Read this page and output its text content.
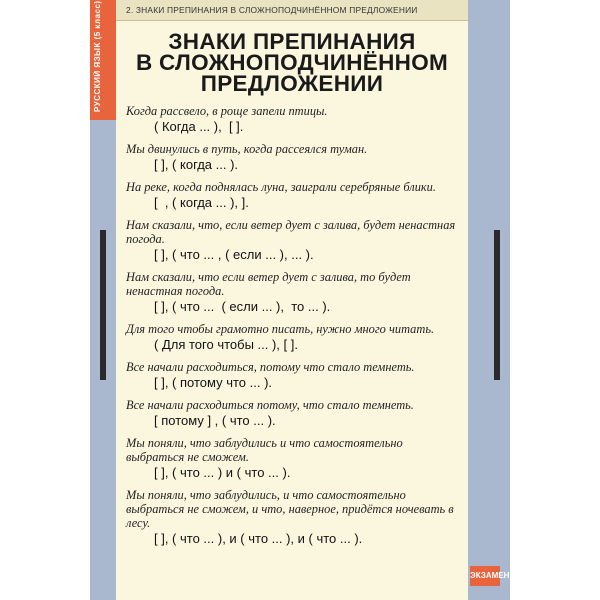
РУССКИЙ ЯЗЫК (5 класс)	2. ЗНАКИ ПРЕПИНАНИЯ В СЛОЖНОПОДЧИНЁННОМ ПРЕДЛОЖЕНИИ
ЗНАКИ ПРЕПИНАНИЯ
В СЛОЖНОПОДЧИНЁННОМ
ПРЕДЛОЖЕНИИ
Когда рассвело, в роще запели птицы.
( Когда ... ),  [ ].
Мы двинулись в путь, когда рассеялся туман.
[ ], ( когда ... ).
На реке, когда поднялась луна, заиграли серебряные блики.
[  , ( когда ... ), ].
Нам сказали, что, если ветер дует с залива, будет ненастная погода.
[ ], ( что ... , ( если ... ), ... ).
Нам сказали, что если ветер дует с залива, то будет ненастная погода.
[ ], ( что ...  ( если ... ),  то ... ).
Для того чтобы грамотно писать, нужно много читать.
( Для того чтобы ... ), [ ].
Все начали расходиться, потому что стало темнеть.
[ ], ( потому что ... ).
Все начали расходиться потому, что стало темнеть.
[ потому ] , ( что ... ).
Мы поняли, что заблудились и что самостоятельно выбраться не сможем.
[ ], ( что ... ) и ( что ... ).
Мы поняли, что заблудились, и что самостоятельно выбраться не сможем, и что, наверное, придётся ночевать в лесу.
[ ], ( что ... ), и ( что ... ), и ( что ... ).
ЭКЗАМЕН
